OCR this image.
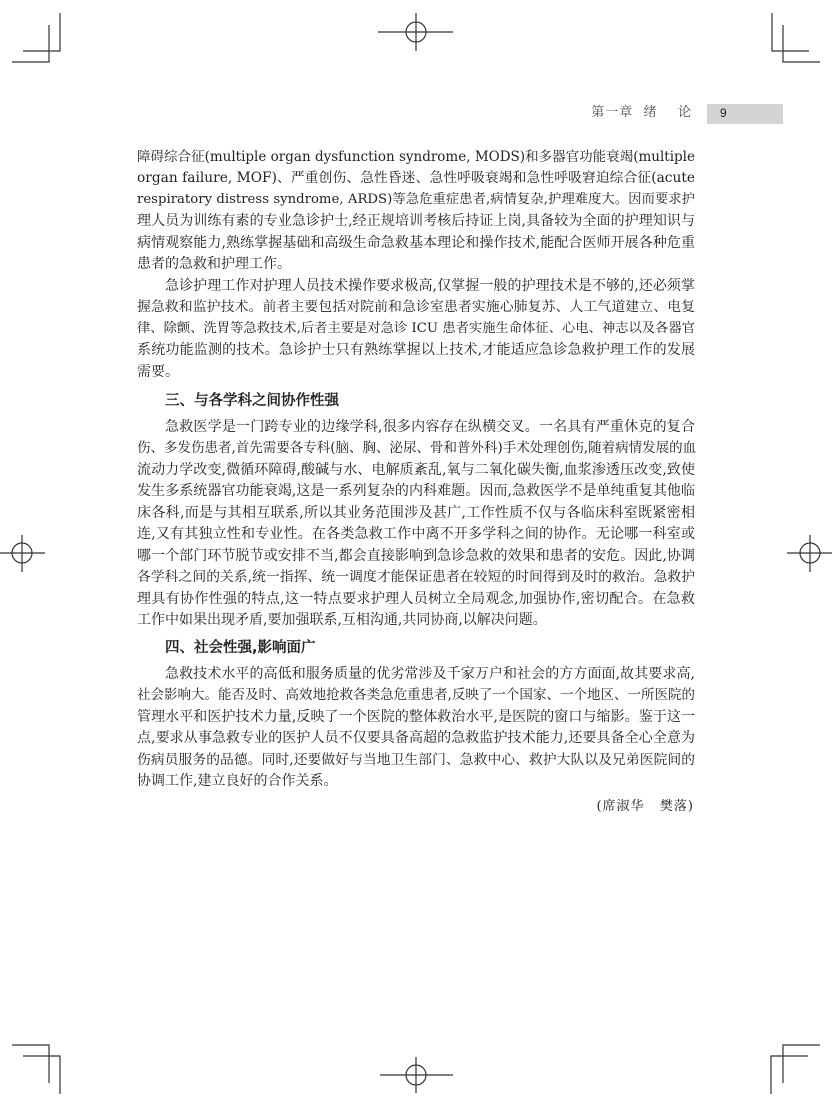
第一章  绪    论 9
障碍综合征(multiple organ dysfunction syndrome, MODS)和多器官功能衰竭(multiple
organ failure, MOF)、严重创伤、急性昏迷、急性呼吸衰竭和急性呼吸窘迫综合征(acute
respiratory distress syndrome, ARDS)等急危重症患者,病情复杂,护理难度大。因而要求护
理人员为训练有素的专业急诊护士,经正规培训考核后持证上岗,具备较为全面的护理知识与
病情观察能力,熟练掌握基础和高级生命急救基本理论和操作技术,能配合医师开展各种危重
患者的急救和护理工作。
急诊护理工作对护理人员技术操作要求极高,仅掌握一般的护理技术是不够的,还必须掌
握急救和监护技术。前者主要包括对院前和急诊室患者实施心肺复苏、人工气道建立、电复
律、除颤、洗胃等急救技术,后者主要是对急诊 ICU 患者实施生命体征、心电、神志以及各器官
系统功能监测的技术。急诊护士只有熟练掌握以上技术,才能适应急诊急救护理工作的发展
需要。
三、与各学科之间协作性强
急救医学是一门跨专业的边缘学科,很多内容存在纵横交叉。一名具有严重休克的复合
伤、多发伤患者,首先需要各专科(脑、胸、泌尿、骨和普外科)手术处理创伤,随着病情发展的血
流动力学改变,微循环障碍,酸碱与水、电解质紊乱,氧与二氧化碳失衡,血浆渗透压改变,致使
发生多系统器官功能衰竭,这是一系列复杂的内科难题。因而,急救医学不是单纯重复其他临
床各科,而是与其相互联系,所以其业务范围涉及甚广,工作性质不仅与各临床科室既紧密相
连,又有其独立性和专业性。在各类急救工作中离不开多学科之间的协作。无论哪一科室或
哪一个部门环节脱节或安排不当,都会直接影响到急诊急救的效果和患者的安危。因此,协调
各学科之间的关系,统一指挥、统一调度才能保证患者在较短的时间得到及时的救治。急救护
理具有协作性强的特点,这一特点要求护理人员树立全局观念,加强协作,密切配合。在急救
工作中如果出现矛盾,要加强联系,互相沟通,共同协商,以解决问题。
四、社会性强,影响面广
急救技术水平的高低和服务质量的优劣常涉及千家万户和社会的方方面面,故其要求高,
社会影响大。能否及时、高效地抢救各类急危重患者,反映了一个国家、一个地区、一所医院的
管理水平和医护技术力量,反映了一个医院的整体救治水平,是医院的窗口与缩影。鉴于这一
点,要求从事急救专业的医护人员不仅要具备高超的急救监护技术能力,还要具备全心全意为
伤病员服务的品德。同时,还要做好与当地卫生部门、急救中心、救护大队以及兄弟医院间的
协调工作,建立良好的合作关系。
(席淑华   樊落)
